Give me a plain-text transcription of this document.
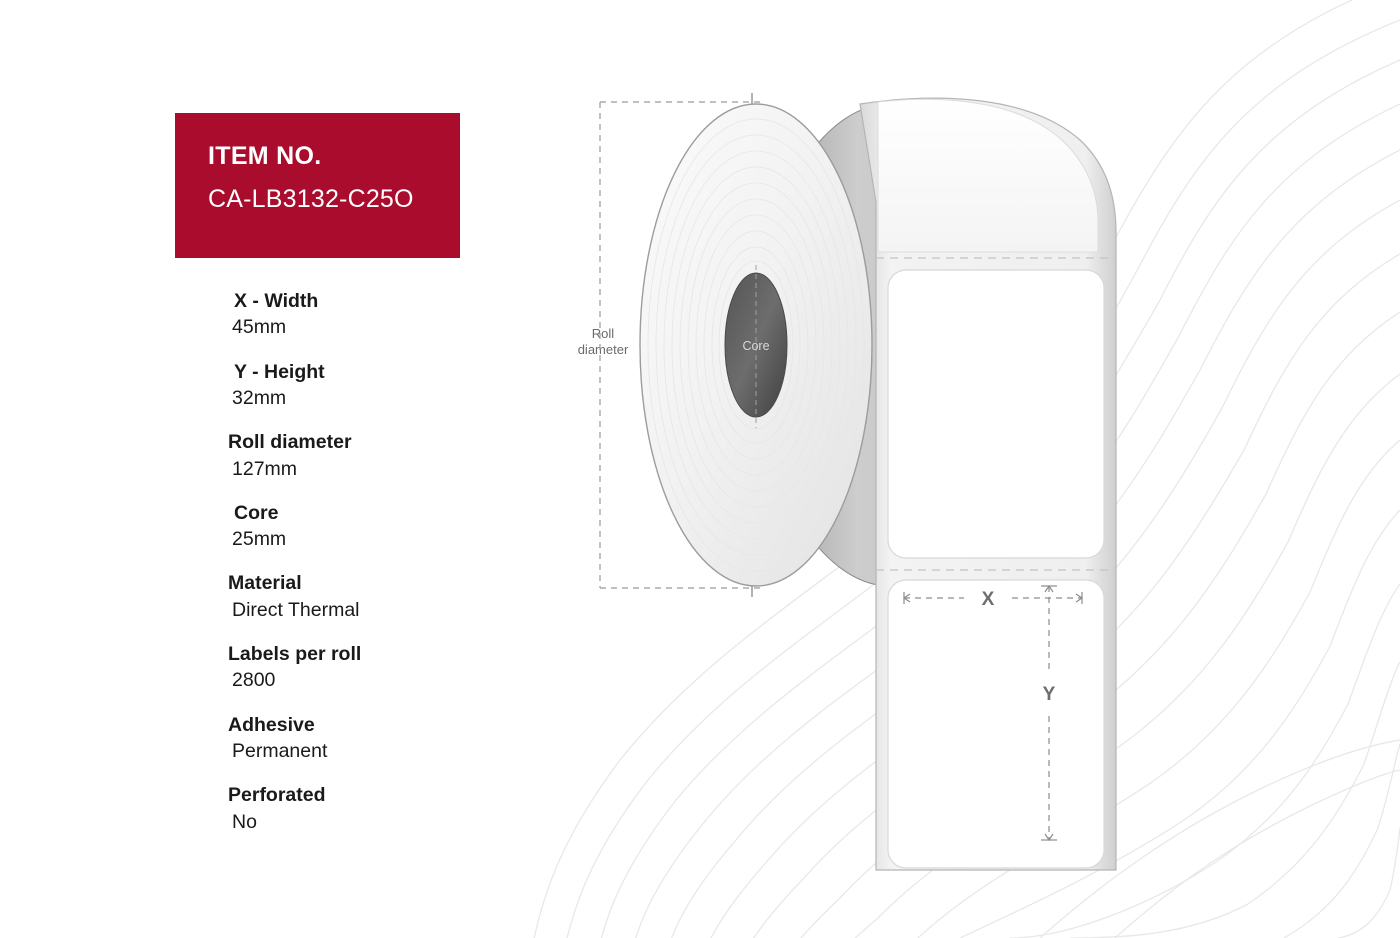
ITEM NO.
CA-LB3132-C25O
X - Width
45mm
Y - Height
32mm
Roll diameter
127mm
Core
25mm
Material
Direct Thermal
Labels per roll
2800
Adhesive
Permanent
Perforated
No
Roll
diameter	Core
X
Y
